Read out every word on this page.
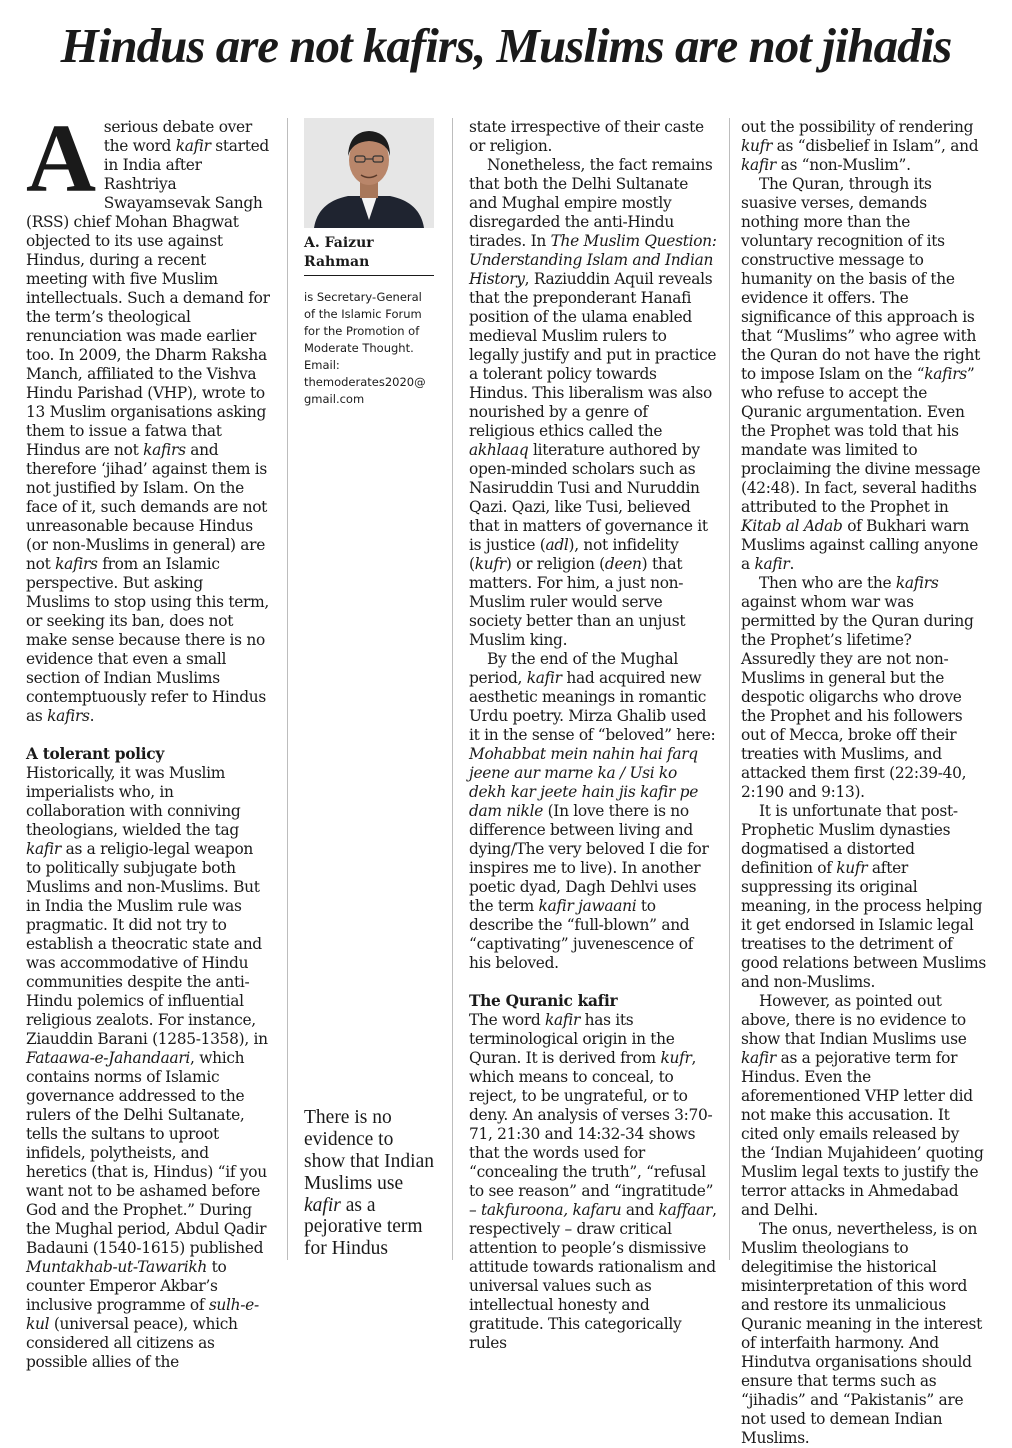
Hindus are not kafirs, Muslims are not jihadis

Aserious debate over the word kafir started in India after Rashtriya Swayamsevak Sangh (RSS) chief Mohan Bhagwat objected to its use against Hindus, during a recent meeting with five Muslim intellectuals. Such a demand for the term’s theological renunciation was made earlier too. In 2009, the Dharm Raksha Manch, affiliated to the Vishva Hindu Parishad (VHP), wrote to 13 Muslim organisations asking them to issue a fatwa that Hindus are not kafirs and therefore ‘jihad’ against them is not justified by Islam. On the face of it, such demands are not unreasonable because Hindus (or non-Muslims in general) are not kafirs from an Islamic perspective. But asking Muslims to stop using this term, or seeking its ban, does not make sense because there is no evidence that even a small section of Indian Muslims contemptuously refer to Hindus as kafirs.

A tolerant policy

Historically, it was Muslim imperialists who, in collaboration with conniving theologians, wielded the tag kafir as a religio-legal weapon to politically subjugate both Muslims and non-Muslims. But in India the Muslim rule was pragmatic. It did not try to establish a theocratic state and was accommodative of Hindu communities despite the anti-Hindu polemics of influential religious zealots. For instance, Ziauddin Barani (1285-1358), in Fataawa-e-Jahandaari, which contains norms of Islamic governance addressed to the rulers of the Delhi Sultanate, tells the sultans to uproot infidels, polytheists, and heretics (that is, Hindus) “if you want not to be ashamed before God and the Prophet.” During the Mughal period, Abdul Qadir Badauni (1540-1615) published Muntakhab-ut-Tawarikh to counter Emperor Akbar’s inclusive programme of sulh-e-kul (universal peace), which considered all citizens as possible allies of the

A. Faizur Rahman
is Secretary-General of the Islamic Forum for the Promotion of Moderate Thought. Email: themoderates2020@ gmail.com
There is no evidence to show that Indian Muslims use kafir as a pejorative term for Hindus

state irrespective of their caste or religion.

Nonetheless, the fact remains that both the Delhi Sultanate and Mughal empire mostly disregarded the anti-Hindu tirades. In The Muslim Question: Understanding Islam and Indian History, Raziuddin Aquil reveals that the preponderant Hanafi position of the ulama enabled medieval Muslim rulers to legally justify and put in practice a tolerant policy towards Hindus. This liberalism was also nourished by a genre of religious ethics called the akhlaaq literature authored by open-minded scholars such as Nasiruddin Tusi and Nuruddin Qazi. Qazi, like Tusi, believed that in matters of governance it is justice (adl), not infidelity (kufr) or religion (deen) that matters. For him, a just non-Muslim ruler would serve society better than an unjust Muslim king.

By the end of the Mughal period, kafir had acquired new aesthetic meanings in romantic Urdu poetry. Mirza Ghalib used it in the sense of “beloved” here: Mohabbat mein nahin hai farq jeene aur marne ka / Usi ko dekh kar jeete hain jis kafir pe dam nikle (In love there is no difference between living and dying/The very beloved I die for inspires me to live). In another poetic dyad, Dagh Dehlvi uses the term kafir jawaani to describe the “full-blown” and “captivating” juvenescence of his beloved.

The Quranic kafir

The word kafir has its terminological origin in the Quran. It is derived from kufr, which means to conceal, to reject, to be ungrateful, or to deny. An analysis of verses 3:70-71, 21:30 and 14:32-34 shows that the words used for “concealing the truth”, “refusal to see reason” and “ingratitude” – takfuroona, kafaru and kaffaar, respectively – draw critical attention to people’s dismissive attitude towards rationalism and universal values such as intellectual honesty and gratitude. This categorically rules

out the possibility of rendering kufr as “disbelief in Islam”, and kafir as “non-Muslim”.

The Quran, through its suasive verses, demands nothing more than the voluntary recognition of its constructive message to humanity on the basis of the evidence it offers. The significance of this approach is that “Muslims” who agree with the Quran do not have the right to impose Islam on the “kafirs” who refuse to accept the Quranic argumentation. Even the Prophet was told that his mandate was limited to proclaiming the divine message (42:48). In fact, several hadiths attributed to the Prophet in Kitab al Adab of Bukhari warn Muslims against calling anyone a kafir.

Then who are the kafirs against whom war was permitted by the Quran during the Prophet’s lifetime? Assuredly they are not non-Muslims in general but the despotic oligarchs who drove the Prophet and his followers out of Mecca, broke off their treaties with Muslims, and attacked them first (22:39-40, 2:190 and 9:13).

It is unfortunate that post-Prophetic Muslim dynasties dogmatised a distorted definition of kufr after suppressing its original meaning, in the process helping it get endorsed in Islamic legal treatises to the detriment of good relations between Muslims and non-Muslims.

However, as pointed out above, there is no evidence to show that Indian Muslims use kafir as a pejorative term for Hindus. Even the aforementioned VHP letter did not make this accusation. It cited only emails released by the ‘Indian Mujahideen’ quoting Muslim legal texts to justify the terror attacks in Ahmedabad and Delhi.

The onus, nevertheless, is on Muslim theologians to delegitimise the historical misinterpretation of this word and restore its unmalicious Quranic meaning in the interest of interfaith harmony. And Hindutva organisations should ensure that terms such as “jihadis” and “Pakistanis” are not used to demean Indian Muslims.
